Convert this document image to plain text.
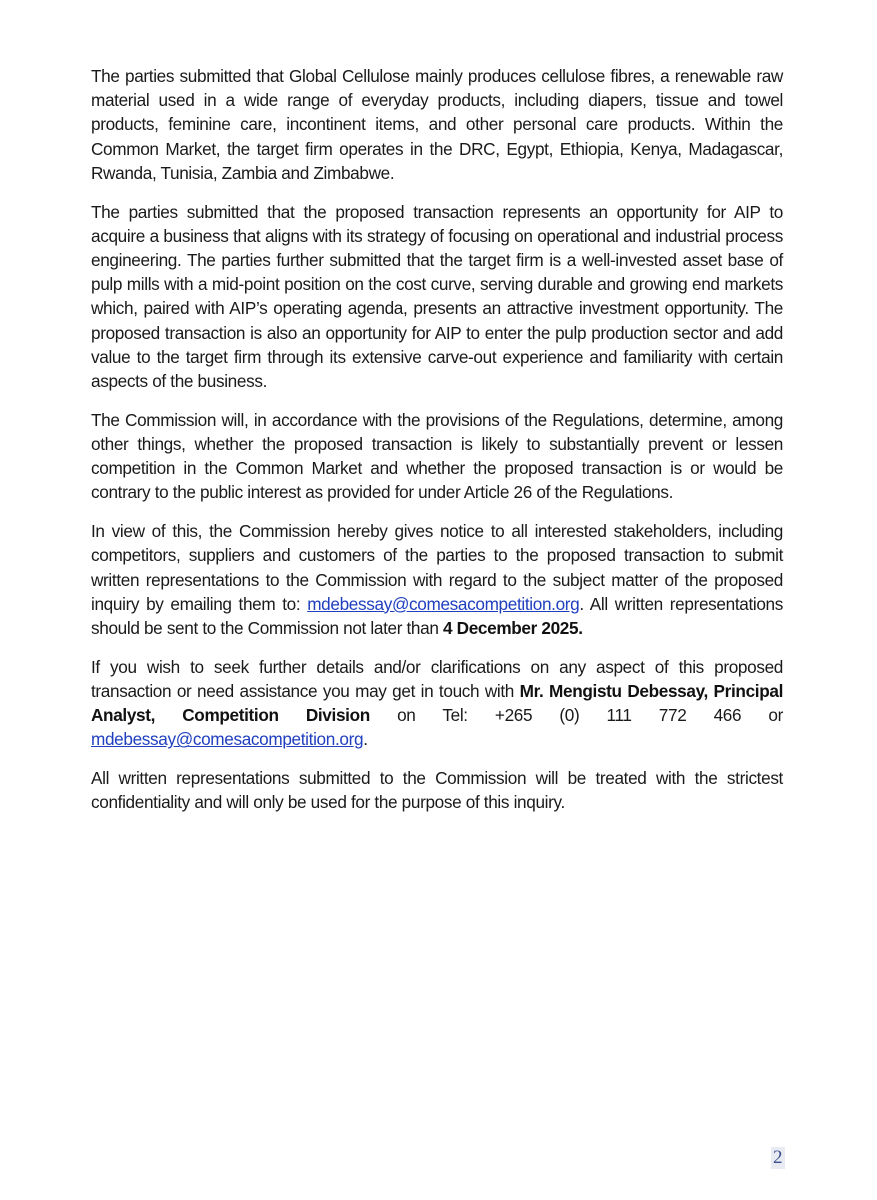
The parties submitted that Global Cellulose mainly produces cellulose fibres, a renewable raw material used in a wide range of everyday products, including diapers, tissue and towel products, feminine care, incontinent items, and other personal care products. Within the Common Market, the target firm operates in the DRC, Egypt, Ethiopia, Kenya, Madagascar, Rwanda, Tunisia, Zambia and Zimbabwe.

The parties submitted that the proposed transaction represents an opportunity for AIP to acquire a business that aligns with its strategy of focusing on operational and industrial process engineering. The parties further submitted that the target firm is a well-invested asset base of pulp mills with a mid-point position on the cost curve, serving durable and growing end markets which, paired with AIP’s operating agenda, presents an attractive investment opportunity. The proposed transaction is also an opportunity for AIP to enter the pulp production sector and add value to the target firm through its extensive carve-out experience and familiarity with certain aspects of the business.

The Commission will, in accordance with the provisions of the Regulations, determine, among other things, whether the proposed transaction is likely to substantially prevent or lessen competition in the Common Market and whether the proposed transaction is or would be contrary to the public interest as provided for under Article 26 of the Regulations.

In view of this, the Commission hereby gives notice to all interested stakeholders, including competitors, suppliers and customers of the parties to the proposed transaction to submit written representations to the Commission with regard to the subject matter of the proposed inquiry by emailing them to: mdebessay@comesacompetition.org. All written representations should be sent to the Commission not later than 4 December 2025.

If you wish to seek further details and/or clarifications on any aspect of this proposed transaction or need assistance you may get in touch with Mr. Mengistu Debessay, Principal Analyst, Competition Division on Tel: +265 (0) 111 772 466 or mdebessay@comesacompetition.org.

All written representations submitted to the Commission will be treated with the strictest confidentiality and will only be used for the purpose of this inquiry.

2
